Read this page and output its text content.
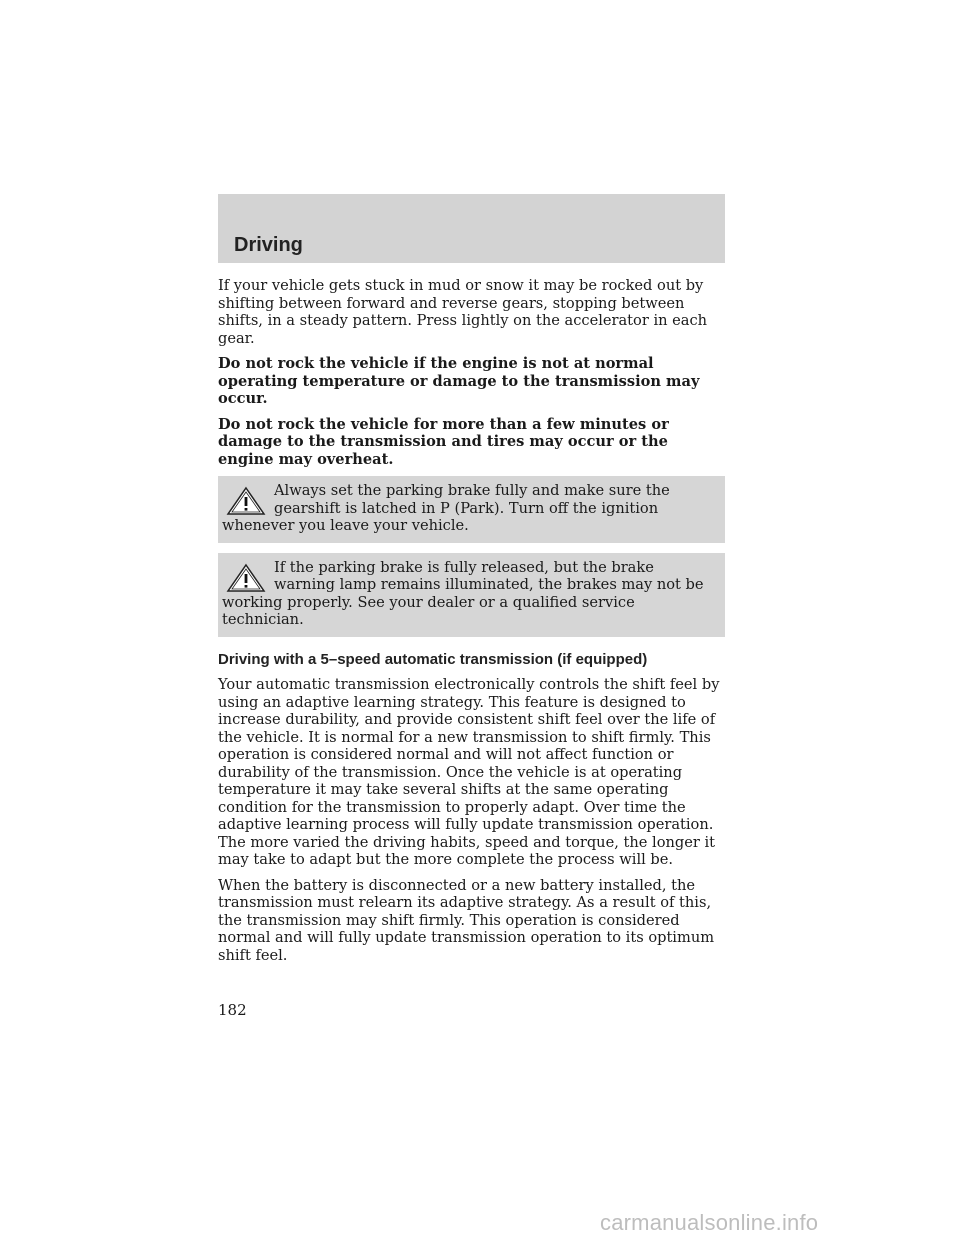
Driving

If your vehicle gets stuck in mud or snow it may be rocked out by shifting between forward and reverse gears, stopping between shifts, in a steady pattern. Press lightly on the accelerator in each gear.

Do not rock the vehicle if the engine is not at normal operating temperature or damage to the transmission may occur.

Do not rock the vehicle for more than a few minutes or damage to the transmission and tires may occur or the engine may overheat.

Always set the parking brake fully and make sure the gearshift is latched in P (Park). Turn off the ignition whenever you leave your vehicle.
If the parking brake is fully released, but the brake warning lamp remains illuminated, the brakes may not be working properly. See your dealer or a qualified service technician.
Driving with a 5–speed automatic transmission (if equipped)

Your automatic transmission electronically controls the shift feel by using an adaptive learning strategy. This feature is designed to increase durability, and provide consistent shift feel over the life of the vehicle. It is normal for a new transmission to shift firmly. This operation is considered normal and will not affect function or durability of the transmission. Once the vehicle is at operating temperature it may take several shifts at the same operating condition for the transmission to properly adapt. Over time the adaptive learning process will fully update transmission operation. The more varied the driving habits, speed and torque, the longer it may take to adapt but the more complete the process will be.

When the battery is disconnected or a new battery installed, the transmission must relearn its adaptive strategy. As a result of this, the transmission may shift firmly. This operation is considered normal and will fully update transmission operation to its optimum shift feel.

182
carmanualsonline.info
